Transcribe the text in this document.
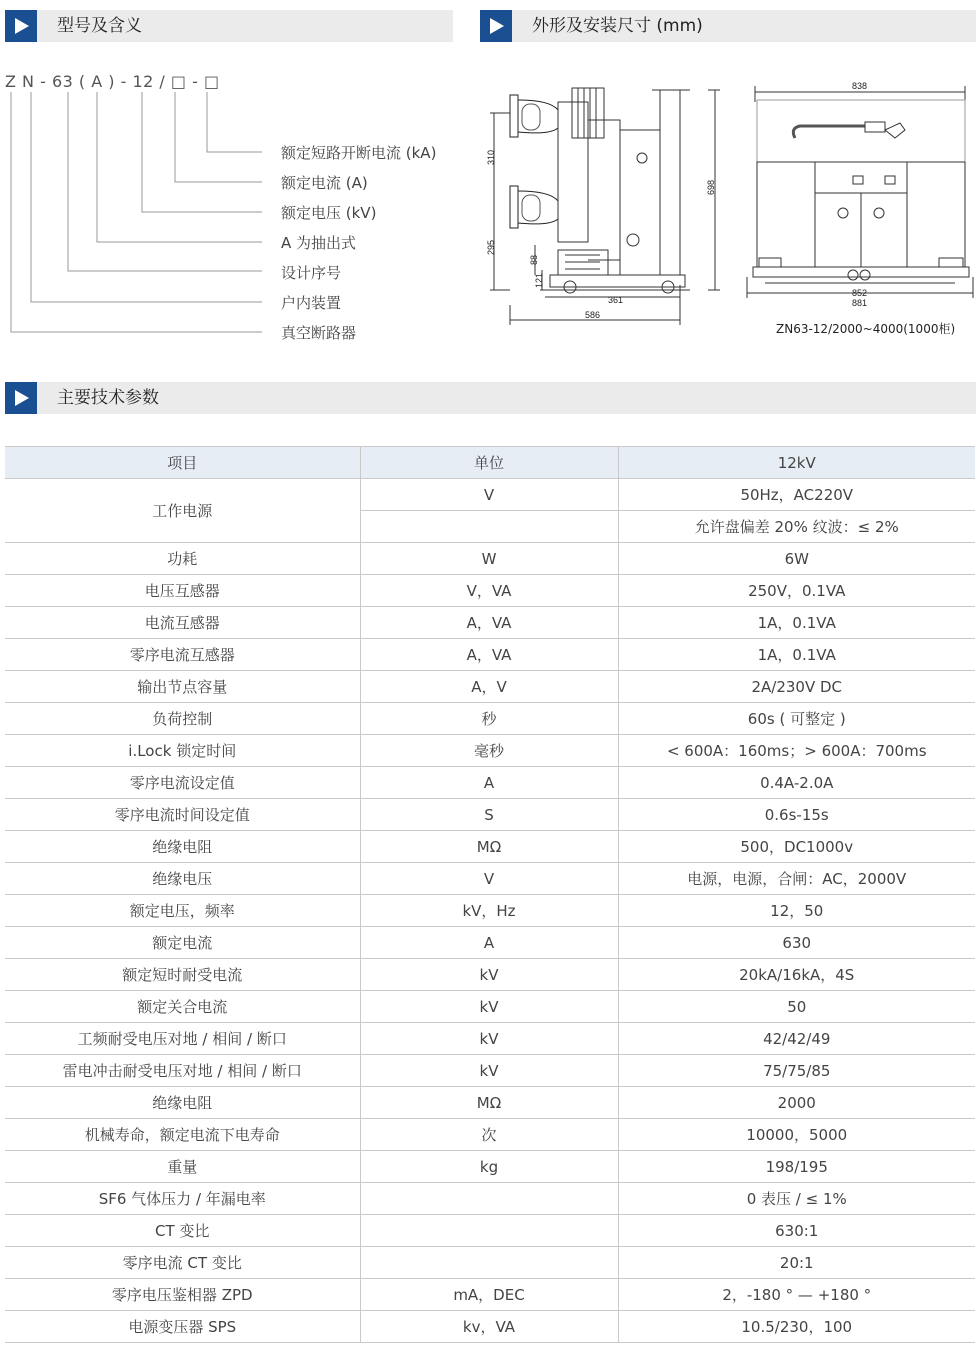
型号及含义	外形及安装尺寸 (mm)
Z N - 63 ( A ) - 12 / □ - □
额定短路开断电流 (kA)
额定电流 (A)
额定电压 (kV)
A 为抽出式
设计序号
户内装置
真空断路器
310
295
88
121
698
361
586
838
852
881
ZN63-12/2000~4000(1000柜)
主要技术参数
项目	单位	12kV
工作电源	V	50Hz，AC220V
		允许盘偏差 20% 纹波：≤ 2%
功耗	W	6W
电压互感器	V，VA	250V，0.1VA
电流互感器	A，VA	1A，0.1VA
零序电流互感器	A，VA	1A，0.1VA
输出节点容量	A，V	2A/230V DC
负荷控制	秒	60s ( 可整定 )
i.Lock 锁定时间	毫秒	< 600A：160ms；> 600A：700ms
零序电流设定值	A	0.4A-2.0A
零序电流时间设定值	S	0.6s-15s
绝缘电阻	MΩ	500，DC1000v
绝缘电压	V	电源，电源，合闸：AC，2000V
额定电压，频率	kV，Hz	12，50
额定电流	A	630
额定短时耐受电流	kV	20kA/16kA，4S
额定关合电流	kV	50
工频耐受电压对地 / 相间 / 断口	kV	42/42/49
雷电冲击耐受电压对地 / 相间 / 断口	kV	75/75/85
绝缘电阻	MΩ	2000
机械寿命，额定电流下电寿命	次	10000，5000
重量	kg	198/195
SF6 气体压力 / 年漏电率		0 表压 / ≤ 1%
CT 变比		630:1
零序电流 CT 变比		20:1
零序电压鉴相器 ZPD	mA，DEC	2，-180 ° — +180 °
电源变压器 SPS	kv，VA	10.5/230，100
